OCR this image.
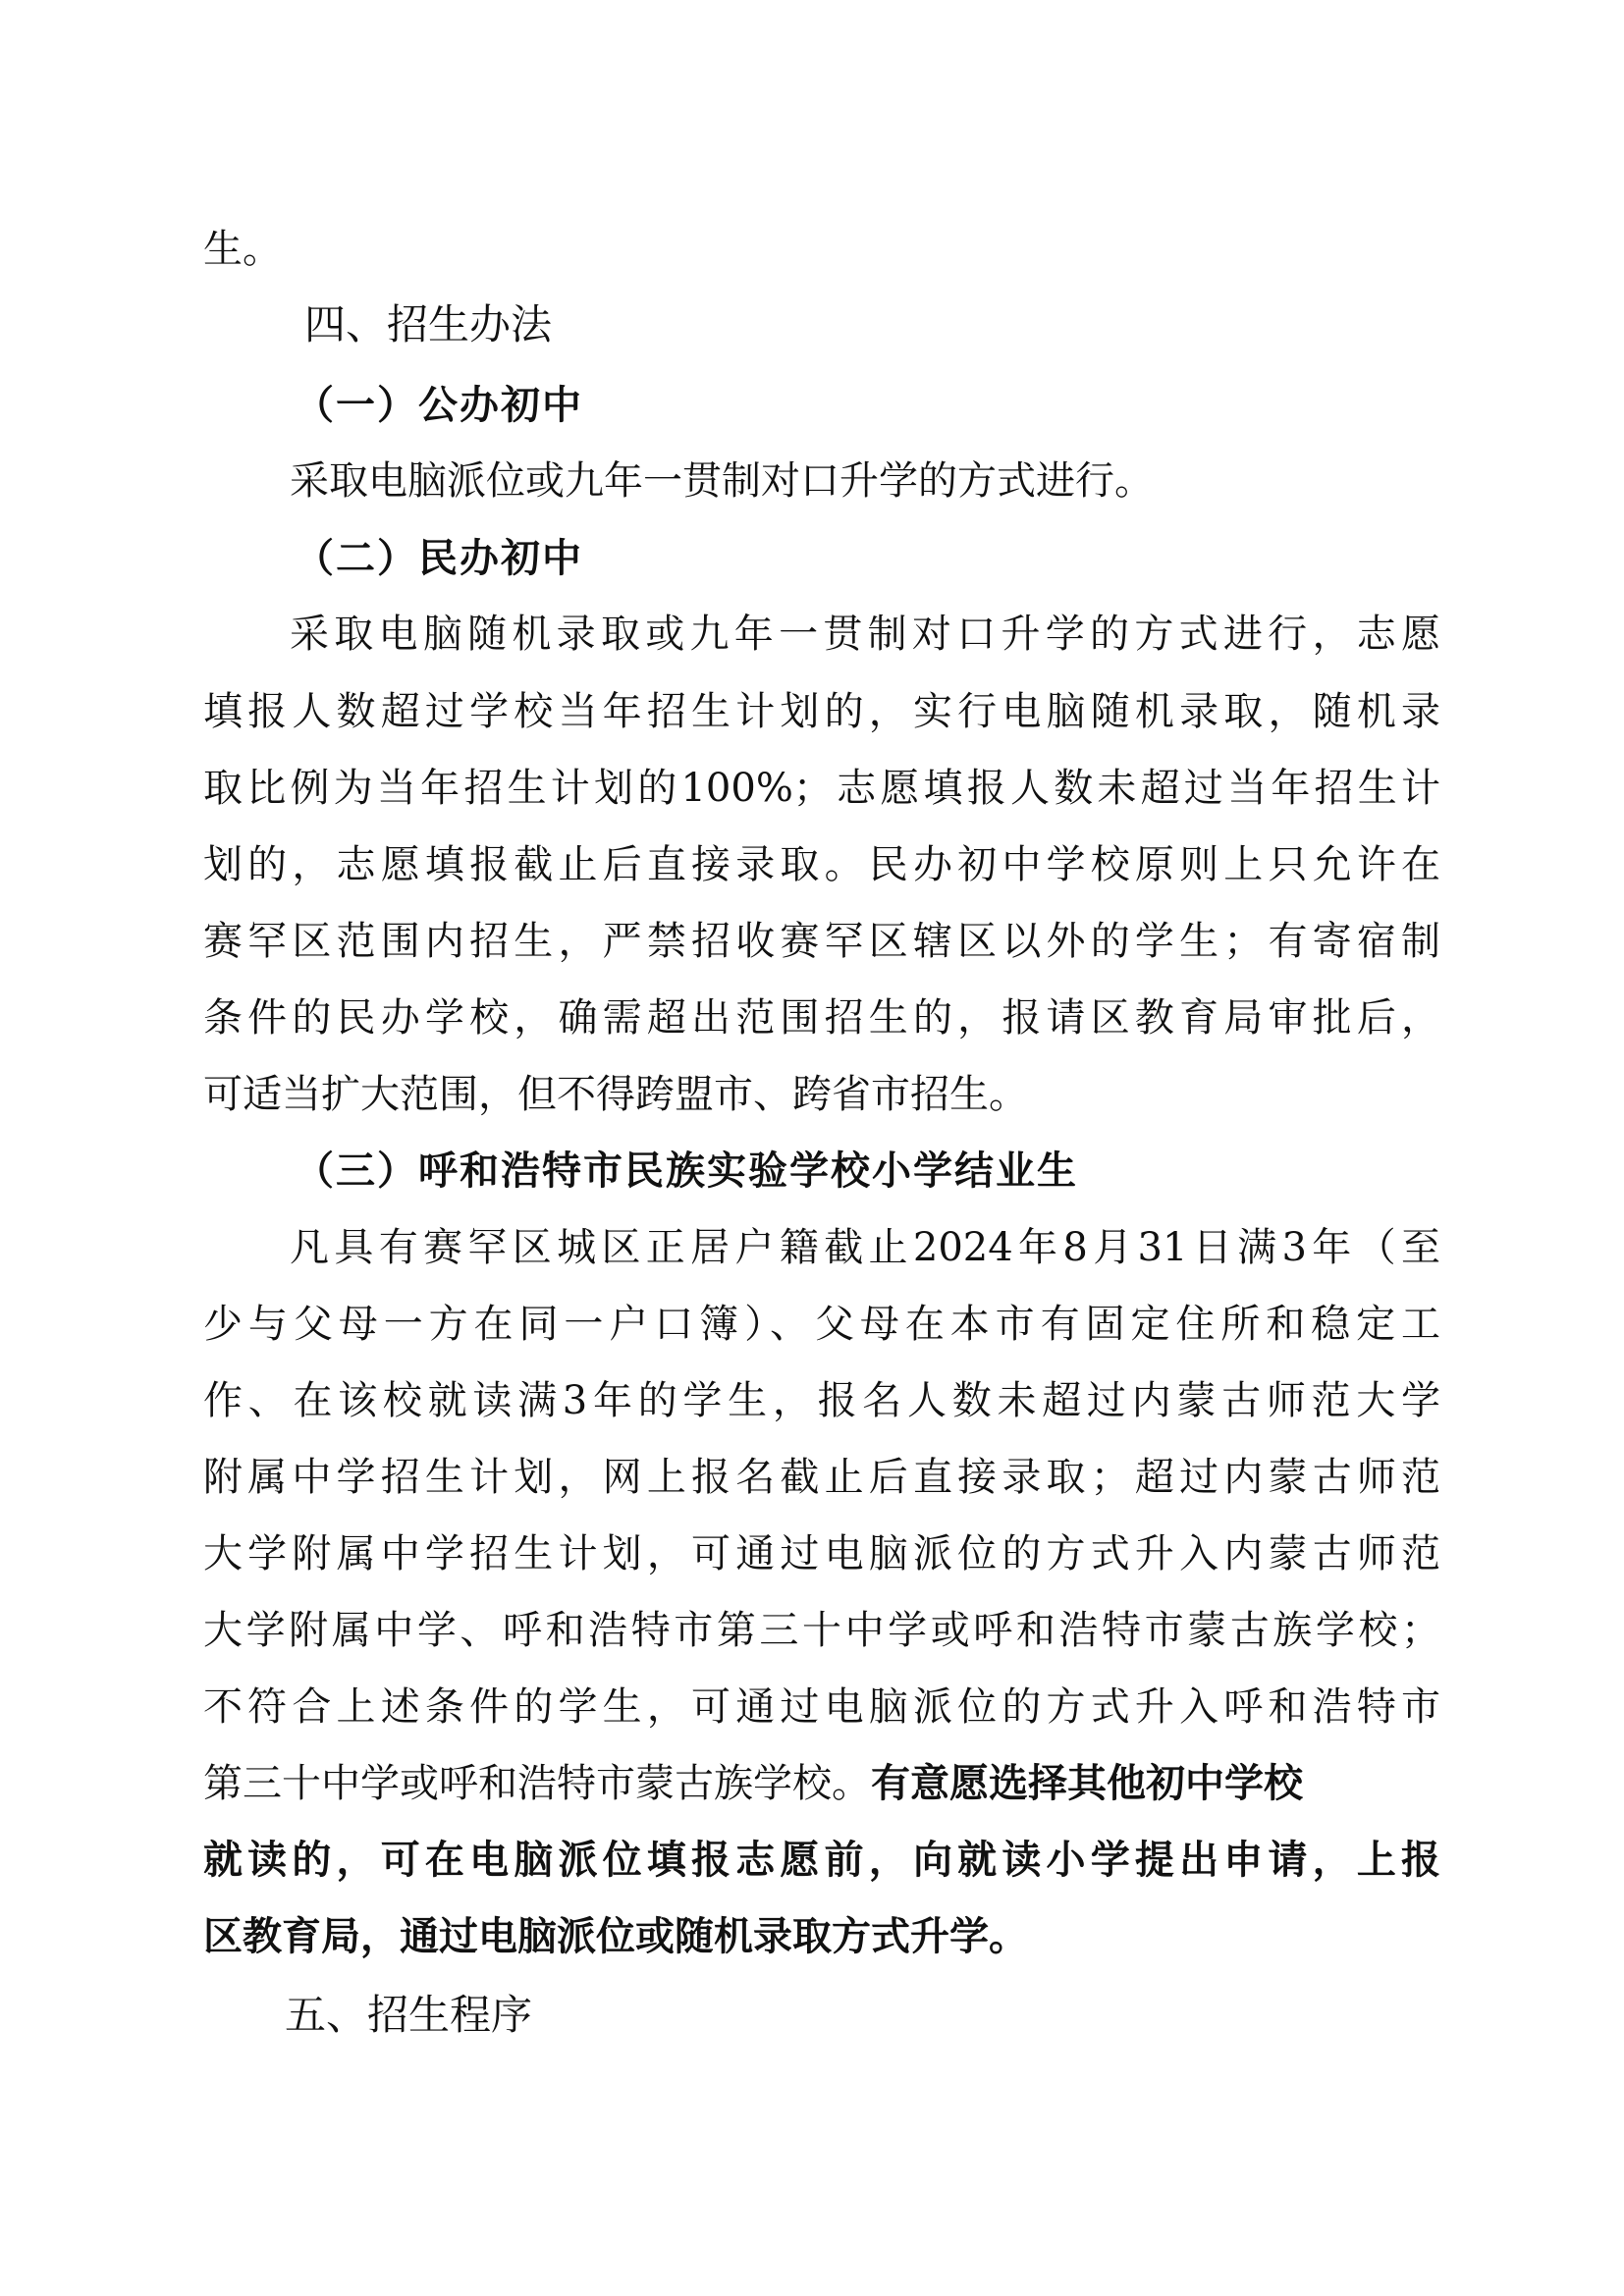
生。

四、招生办法

（一）公办初中

采取电脑派位或九年一贯制对口升学的方式进行。

（二）民办初中

采取电脑随机录取或九年一贯制对口升学的方式进行，志愿

填报人数超过学校当年招生计划的，实行电脑随机录取，随机录

取比例为当年招生计划的100%；志愿填报人数未超过当年招生计

划的，志愿填报截止后直接录取。民办初中学校原则上只允许在

赛罕区范围内招生，严禁招收赛罕区辖区以外的学生；有寄宿制

条件的民办学校，确需超出范围招生的，报请区教育局审批后，

可适当扩大范围，但不得跨盟市、跨省市招生。

（三）呼和浩特市民族实验学校小学结业生

凡具有赛罕区城区正居户籍截止2024年8月31日满3年（至

少与父母一方在同一户口簿）、父母在本市有固定住所和稳定工

作、在该校就读满3年的学生，报名人数未超过内蒙古师范大学

附属中学招生计划，网上报名截止后直接录取；超过内蒙古师范

大学附属中学招生计划，可通过电脑派位的方式升入内蒙古师范

大学附属中学、呼和浩特市第三十中学或呼和浩特市蒙古族学校；

不符合上述条件的学生，可通过电脑派位的方式升入呼和浩特市

第三十中学或呼和浩特市蒙古族学校。有意愿选择其他初中学校

就读的，可在电脑派位填报志愿前，向就读小学提出申请，上报

区教育局，通过电脑派位或随机录取方式升学。

五、招生程序
